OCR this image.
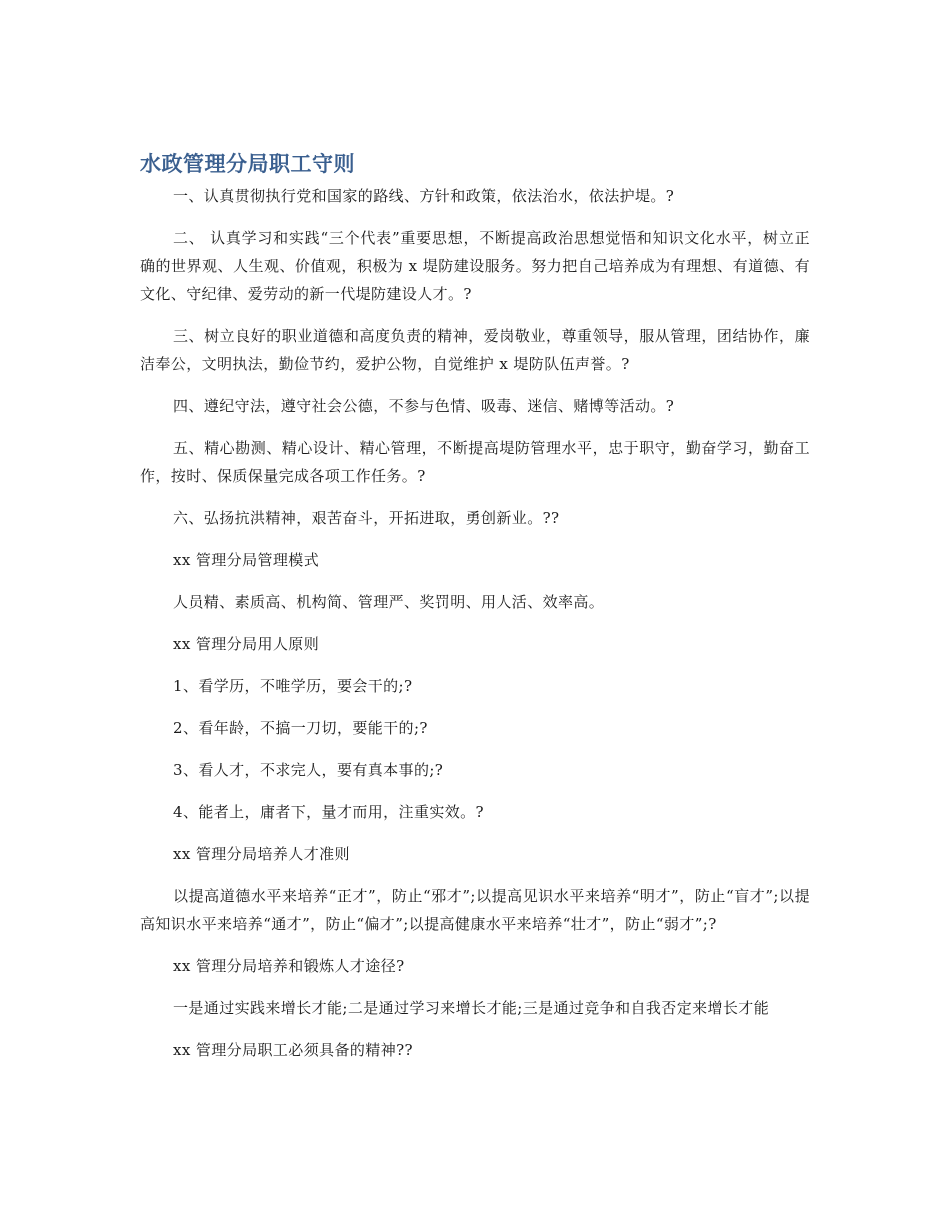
水政管理分局职工守则

一、认真贯彻执行党和国家的路线、方针和政策，依法治水，依法护堤。?

二、 认真学习和实践“三个代表”重要思想，不断提高政治思想觉悟和知识文化水平，树立正确的世界观、人生观、价值观，积极为 x 堤防建设服务。努力把自己培养成为有理想、有道德、有文化、守纪律、爱劳动的新一代堤防建设人才。?

三、树立良好的职业道德和高度负责的精神，爱岗敬业，尊重领导，服从管理，团结协作，廉洁奉公，文明执法，勤俭节约，爱护公物，自觉维护 x 堤防队伍声誉。?

四、遵纪守法，遵守社会公德，不参与色情、吸毒、迷信、赌博等活动。?

五、精心勘测、精心设计、精心管理，不断提高堤防管理水平，忠于职守，勤奋学习，勤奋工作，按时、保质保量完成各项工作任务。?

六、弘扬抗洪精神，艰苦奋斗，开拓进取，勇创新业。??

xx 管理分局管理模式

人员精、素质高、机构简、管理严、奖罚明、用人活、效率高。

xx 管理分局用人原则

1、看学历，不唯学历，要会干的;?

2、看年龄，不搞一刀切，要能干的;?

3、看人才，不求完人，要有真本事的;?

4、能者上，庸者下，量才而用，注重实效。?

xx 管理分局培养人才准则

以提高道德水平来培养“正才”，防止“邪才”;以提高见识水平来培养“明才”，防止“盲才”;以提高知识水平来培养“通才”，防止“偏才”;以提高健康水平来培养“壮才”，防止“弱才”;?

xx 管理分局培养和锻炼人才途径?

一是通过实践来增长才能;二是通过学习来增长才能;三是通过竞争和自我否定来增长才能

xx 管理分局职工必须具备的精神??
